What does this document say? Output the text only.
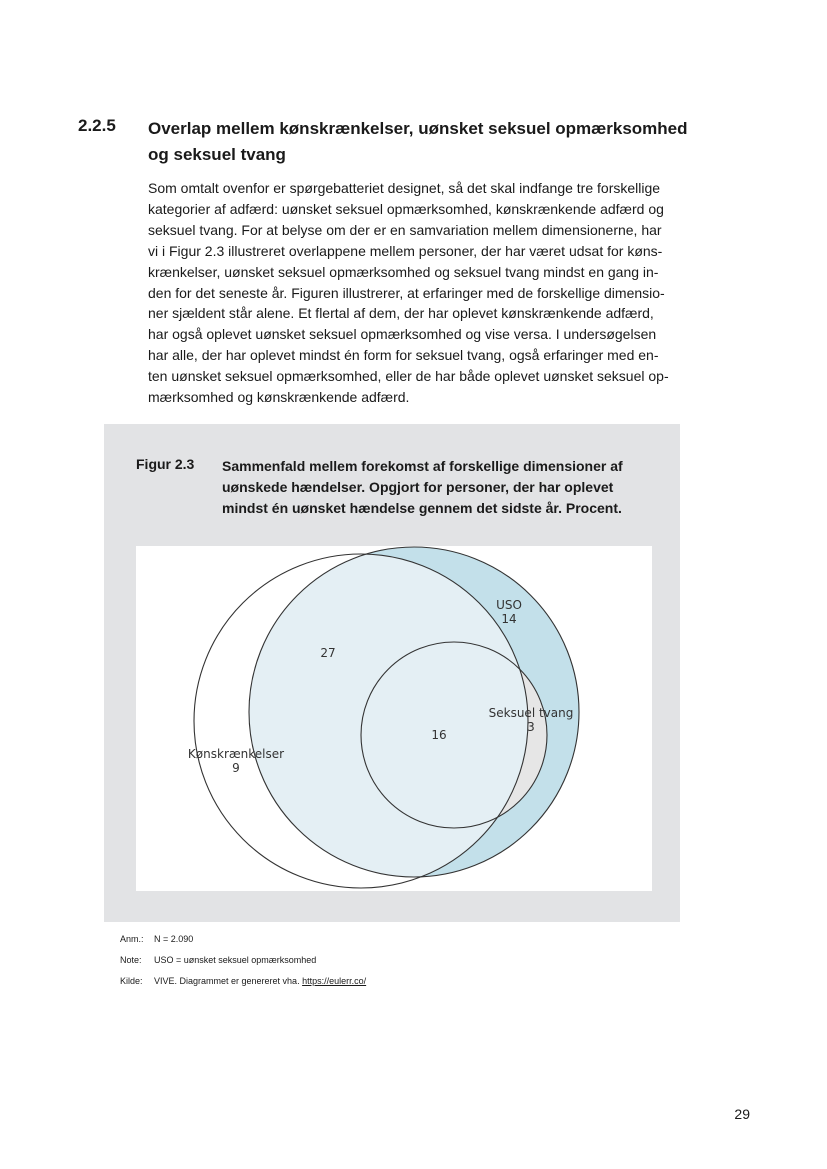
2.2.5 Overlap mellem kønskrænkelser, uønsket seksuel opmærksomhed
og seksuel tvang
Som omtalt ovenfor er spørgebatteriet designet, så det skal indfange tre forskellige
kategorier af adfærd: uønsket seksuel opmærksomhed, kønskrænkende adfærd og
seksuel tvang. For at belyse om der er en samvariation mellem dimensionerne, har
vi i Figur 2.3 illustreret overlappene mellem personer, der har været udsat for køns-
krænkelser, uønsket seksuel opmærksomhed og seksuel tvang mindst en gang in-
den for det seneste år. Figuren illustrerer, at erfaringer med de forskellige dimensio-
ner sjældent står alene. Et flertal af dem, der har oplevet kønskrænkende adfærd,
har også oplevet uønsket seksuel opmærksomhed og vise versa. I undersøgelsen
har alle, der har oplevet mindst én form for seksuel tvang, også erfaringer med en-
ten uønsket seksuel opmærksomhed, eller de har både oplevet uønsket seksuel op-
mærksomhed og kønskrænkende adfærd.
Figur 2.3 Sammenfald mellem forekomst af forskellige dimensioner af
uønskede hændelser. Opgjort for personer, der har oplevet
mindst én uønsket hændelse gennem det sidste år. Procent.
USO
14
27
16
Seksuel tvang
3
Kønskrænkelser
9
Anm.: N = 2.090
Note: USO = uønsket seksuel opmærksomhed
Kilde: VIVE. Diagrammet er genereret vha. https://eulerr.co/
29
